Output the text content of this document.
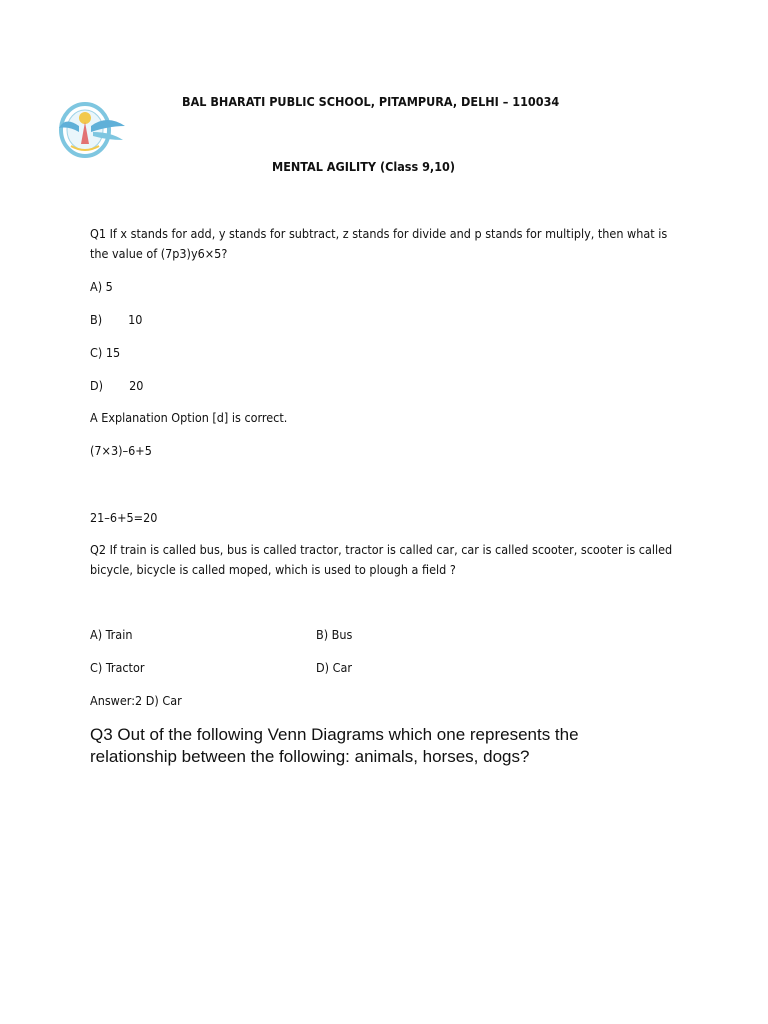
BAL BHARATI PUBLIC SCHOOL, PITAMPURA, DELHI – 110034
MENTAL AGILITY (Class 9,10)
Q1 If x stands for add, y stands for subtract, z stands for divide and p stands for multiply, then what is
the value of (7p3)y6×5?
A) 5
B) 10
C) 15
D) 20
A Explanation Option [d] is correct.
(7×3)–6+5
21–6+5=20
Q2 If train is called bus, bus is called tractor, tractor is called car, car is called scooter, scooter is called
bicycle, bicycle is called moped, which is used to plough a field ?
A) Train	B) Bus
C) Tractor	D) Car
Answer:2 D) Car
Q3 Out of the following Venn Diagrams which one represents the relationship between the following: animals, horses, dogs?
